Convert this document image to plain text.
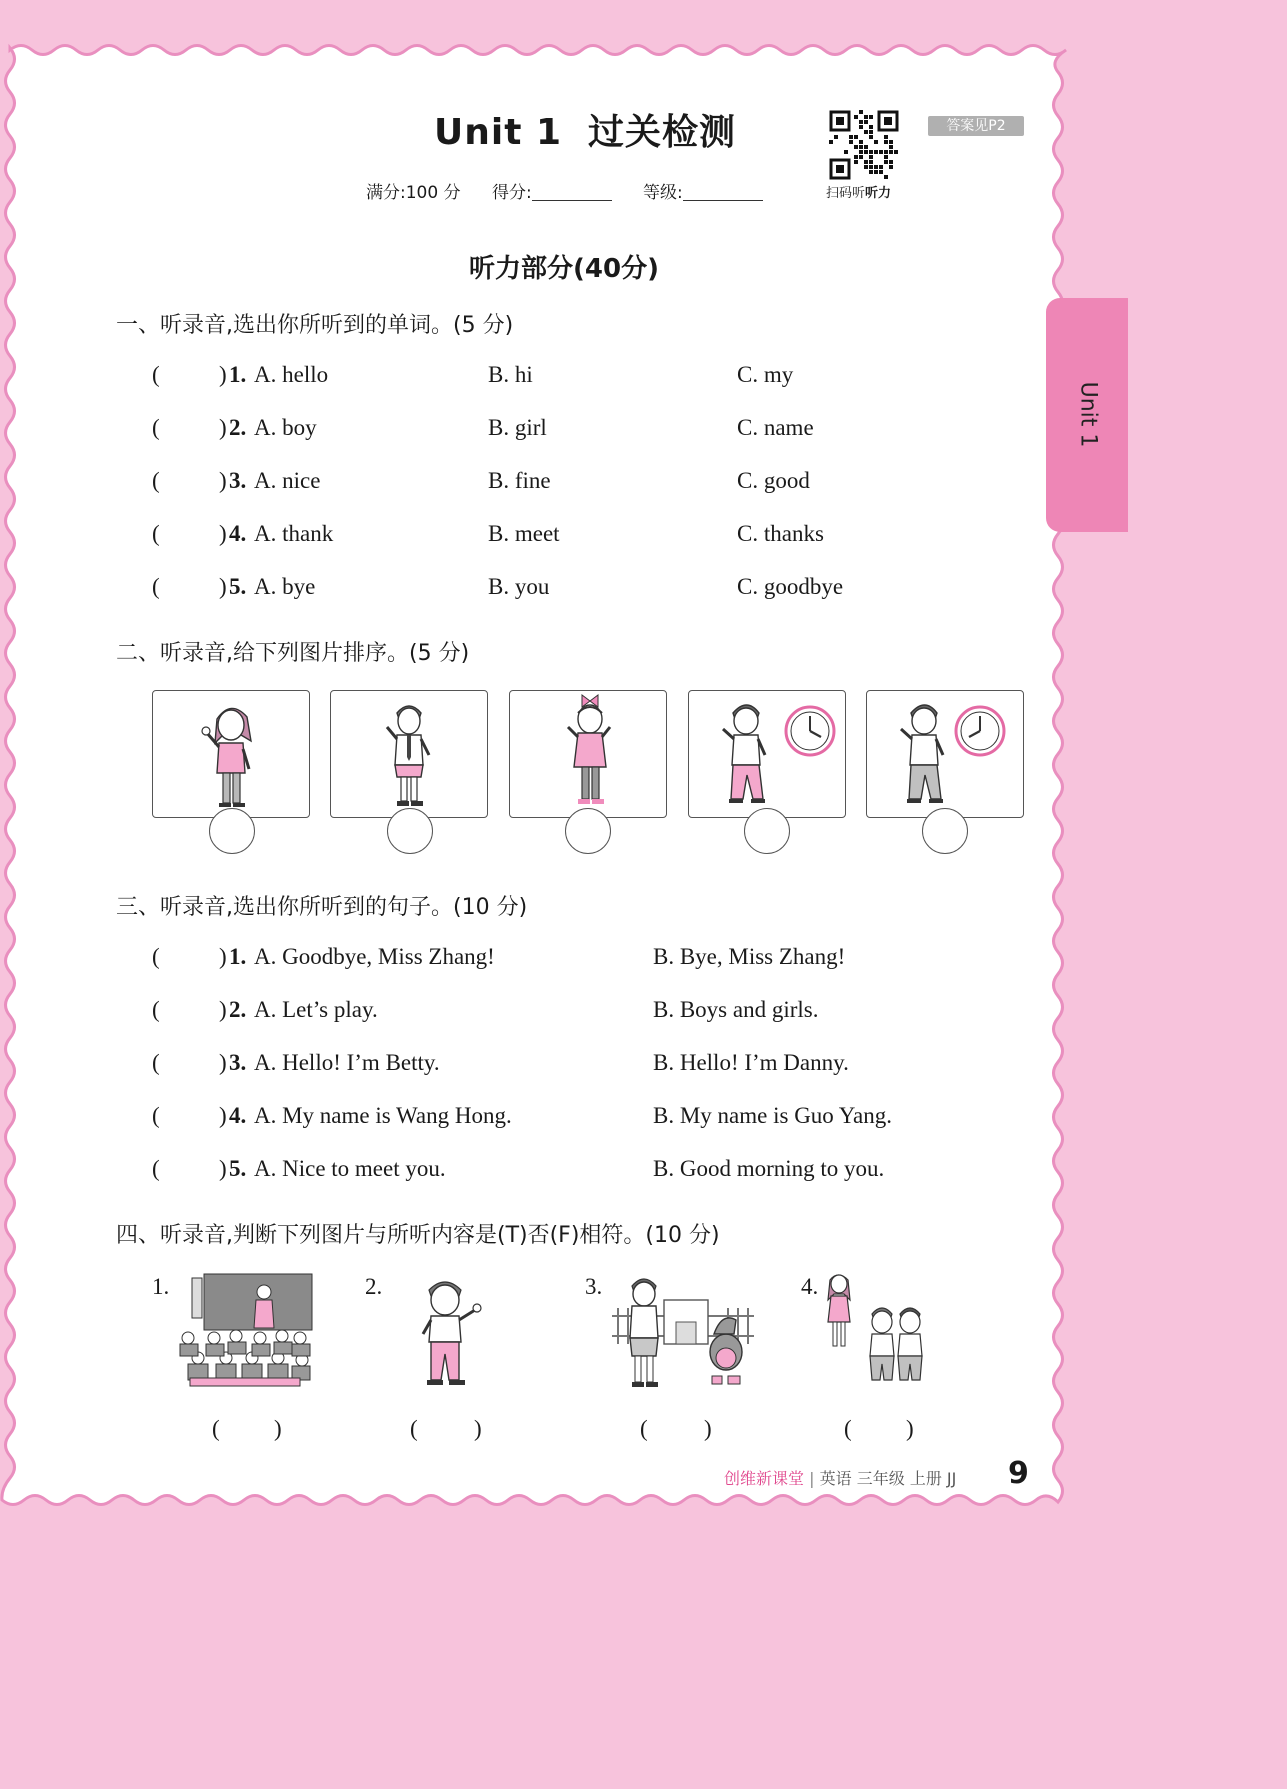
Unit 1 过关检测
满分:100 分 得分:	等级:	扫码听听力
答案见P2
Unit 1
听力部分(40分)
一、听录音,选出你所听到的单词。(5 分)
(	) 1. A. hello	B. hi	C. my
(	) 2. A. boy	B. girl	C. name
(	) 3. A. nice	B. fine	C. good
(	) 4. A. thank	B. meet	C. thanks
(	) 5. A. bye	B. you	C. goodbye
二、听录音,给下列图片排序。(5 分)
三、听录音,选出你所听到的句子。(10 分)
(	) 1. A. Goodbye, Miss Zhang!	B. Bye, Miss Zhang!
(	) 2. A. Let’s play.	B. Boys and girls.
(	) 3. A. Hello! I’m Betty.	B. Hello! I’m Danny.
(	) 4. A. My name is Wang Hong.	B. My name is Guo Yang.
(	) 5. A. Nice to meet you.	B. Good morning to you.
四、听录音,判断下列图片与所听内容是(T)否(F)相符。(10 分)
1.	2.	3.	4.
( )	( )	( )	( )
创维新课堂 | 英语 三年级 上册 JJ 9
